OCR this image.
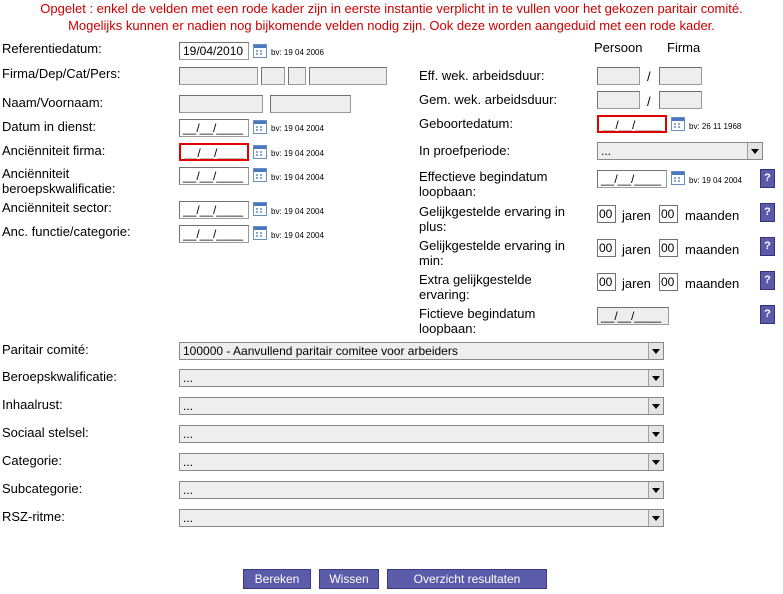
Opgelet : enkel de velden met een rode kader zijn in eerste instantie verplicht in te vullen voor het gekozen paritair comité.
Mogelijks kunnen er nadien nog bijkomende velden nodig zijn. Ook deze worden aangeduid met een rode kader.
Persoon Firma
Referentiedatum:	19/04/2010	bv: 19 04 2006
Firma/Dep/Cat/Pers:
Naam/Voornaam:
Datum in dienst:	__/__/____	bv: 19 04 2004
Anciënniteit firma:	__/__/____	bv: 19 04 2004
Anciënniteit
beroepskwalificatie:
__/__/____	bv: 19 04 2004
Anciënniteit sector:	__/__/____	bv: 19 04 2004
Anc. functie/categorie:	__/__/____	bv: 19 04 2004
Eff. wek. arbeidsduur:	/
Gem. wek. arbeidsduur:	/
Geboortedatum:	__/__/____	bv: 26 11 1968
In proefperiode:	...
Effectieve begindatum
loopbaan:
__/__/____	bv: 19 04 2004	?
Gelijkgestelde ervaring in
plus:
00 jaren 00 maanden	?
Gelijkgestelde ervaring in
min:
00 jaren 00 maanden	?
Extra gelijkgestelde
ervaring:
00 jaren 00 maanden	?
Fictieve begindatum
loopbaan:
__/__/____	?
Paritair comité:	100000 - Aanvullend paritair comitee voor arbeiders
Beroepskwalificatie:	...
Inhaalrust:	...
Sociaal stelsel:	...
Categorie:	...
Subcategorie:	...
RSZ-ritme:	...
Bereken	Wissen	Overzicht resultaten
